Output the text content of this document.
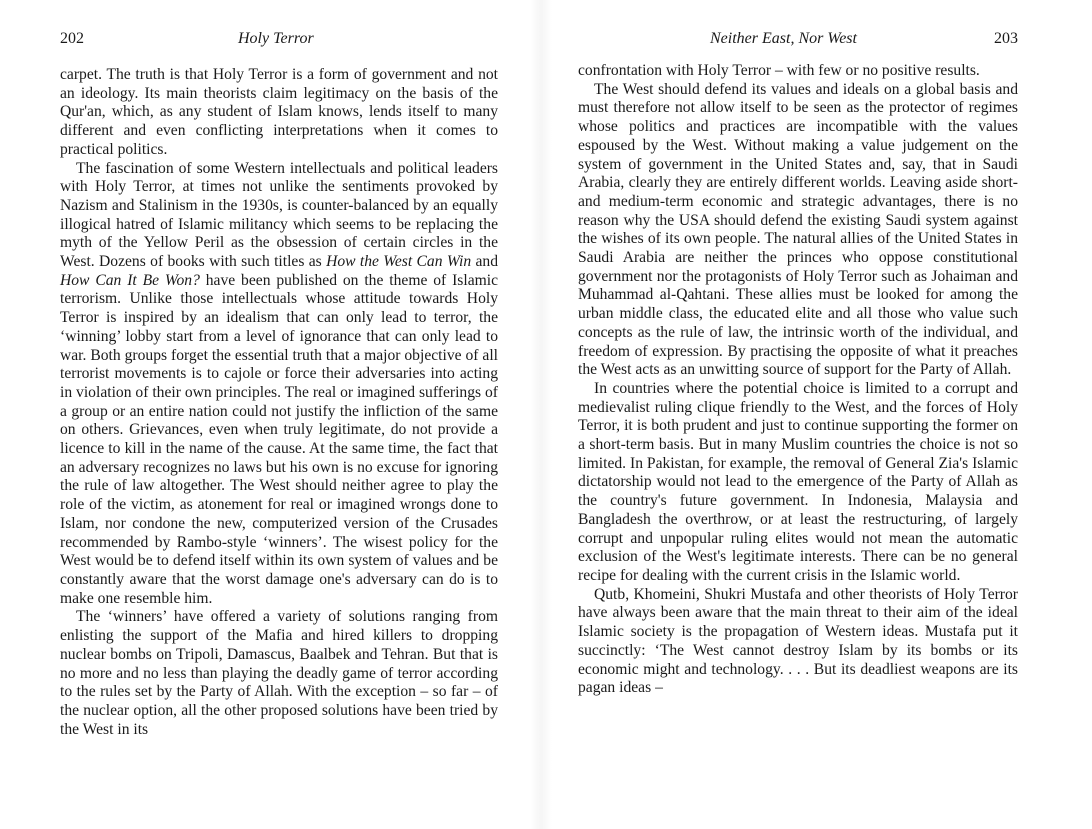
202	Holy Terror

carpet. The truth is that Holy Terror is a form of government and not an ideology. Its main theorists claim legitimacy on the basis of the Qur'an, which, as any student of Islam knows, lends itself to many different and even conflicting interpretations when it comes to practical politics.

The fascination of some Western intellectuals and political leaders with Holy Terror, at times not unlike the sentiments provoked by Nazism and Stalinism in the 1930s, is counter-balanced by an equally illogical hatred of Islamic militancy which seems to be replacing the myth of the Yellow Peril as the obsession of certain circles in the West. Dozens of books with such titles as How the West Can Win and How Can It Be Won? have been published on the theme of Islamic terrorism. Unlike those intellectuals whose attitude towards Holy Terror is inspired by an idealism that can only lead to terror, the ‘winning’ lobby start from a level of ignorance that can only lead to war. Both groups forget the essential truth that a major objective of all terrorist movements is to cajole or force their adversaries into acting in violation of their own principles. The real or imagined sufferings of a group or an entire nation could not justify the infliction of the same on others. Grievances, even when truly legitimate, do not provide a licence to kill in the name of the cause. At the same time, the fact that an adversary recognizes no laws but his own is no excuse for ignoring the rule of law altogether. The West should neither agree to play the role of the victim, as atonement for real or imagined wrongs done to Islam, nor condone the new, computerized version of the Crusades recommended by Rambo-style ‘winners’. The wisest policy for the West would be to defend itself within its own system of values and be constantly aware that the worst damage one's adversary can do is to make one resemble him.

The ‘winners’ have offered a variety of solutions ranging from enlisting the support of the Mafia and hired killers to dropping nuclear bombs on Tripoli, Damascus, Baalbek and Tehran. But that is no more and no less than playing the deadly game of terror according to the rules set by the Party of Allah. With the exception – so far – of the nuclear option, all the other proposed solutions have been tried by the West in its

Neither East, Nor West	203

confrontation with Holy Terror – with few or no positive results.

The West should defend its values and ideals on a global basis and must therefore not allow itself to be seen as the protector of regimes whose politics and practices are incompatible with the values espoused by the West. Without making a value judgement on the system of government in the United States and, say, that in Saudi Arabia, clearly they are entirely different worlds. Leaving aside short- and medium-term economic and strategic advantages, there is no reason why the USA should defend the existing Saudi system against the wishes of its own people. The natural allies of the United States in Saudi Arabia are neither the princes who oppose constitutional government nor the protagonists of Holy Terror such as Johaiman and Muhammad al-Qahtani. These allies must be looked for among the urban middle class, the educated elite and all those who value such concepts as the rule of law, the intrinsic worth of the individual, and freedom of expression. By practising the opposite of what it preaches the West acts as an unwitting source of support for the Party of Allah.

In countries where the potential choice is limited to a corrupt and medievalist ruling clique friendly to the West, and the forces of Holy Terror, it is both prudent and just to continue supporting the former on a short-term basis. But in many Muslim countries the choice is not so limited. In Pakistan, for example, the removal of General Zia's Islamic dictatorship would not lead to the emergence of the Party of Allah as the country's future government. In Indonesia, Malaysia and Bangladesh the overthrow, or at least the restructuring, of largely corrupt and unpopular ruling elites would not mean the automatic exclusion of the West's legitimate interests. There can be no general recipe for dealing with the current crisis in the Islamic world.

Qutb, Khomeini, Shukri Mustafa and other theorists of Holy Terror have always been aware that the main threat to their aim of the ideal Islamic society is the propagation of Western ideas. Mustafa put it succinctly: ‘The West cannot destroy Islam by its bombs or its economic might and technology. . . . But its deadliest weapons are its pagan ideas –
